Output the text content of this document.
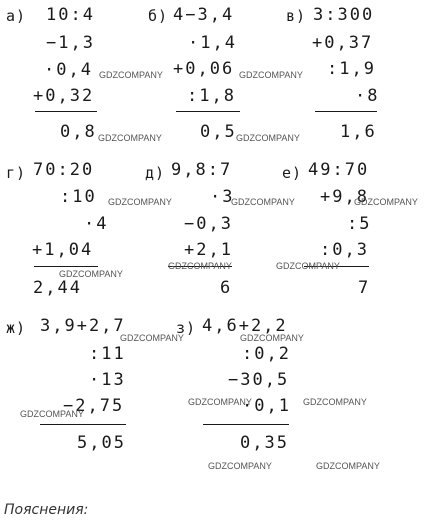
а) 10:4
−1,3
·0,4
+0,32
0,8
б) 4−3,4
·1,4
+0,06
:1,8
0,5
в) 3:300
+0,37
:1,9
·8
1,6
г) 70:20
:10
·4
+1,04
2,44
д) 9,8:7
·3
−0,3
+2,1
6
е) 49:70
+9,8
:5
:0,3
7
ж) 3,9+2,7
:11
·13
−2,75
5,05
з) 4,6+2,2
:0,2
−30,5
·0,1
0,35
GDZCOMPANY	GDZCOMPANY
GDZCOMPANY	GDZCOMPANY
GDZCOMPANY	GDZCOMPANY	GDZCOMPANY
GDZCOMPANY
GDZCOMPANY	GDZCOMPANY
GDZCOMPANY	GDZCOMPANY
GDZCOMPANY
GDZCOMPANY	GDZCOMPANY
GDZCOMPANY	GDZCOMPANY
Пояснения:
